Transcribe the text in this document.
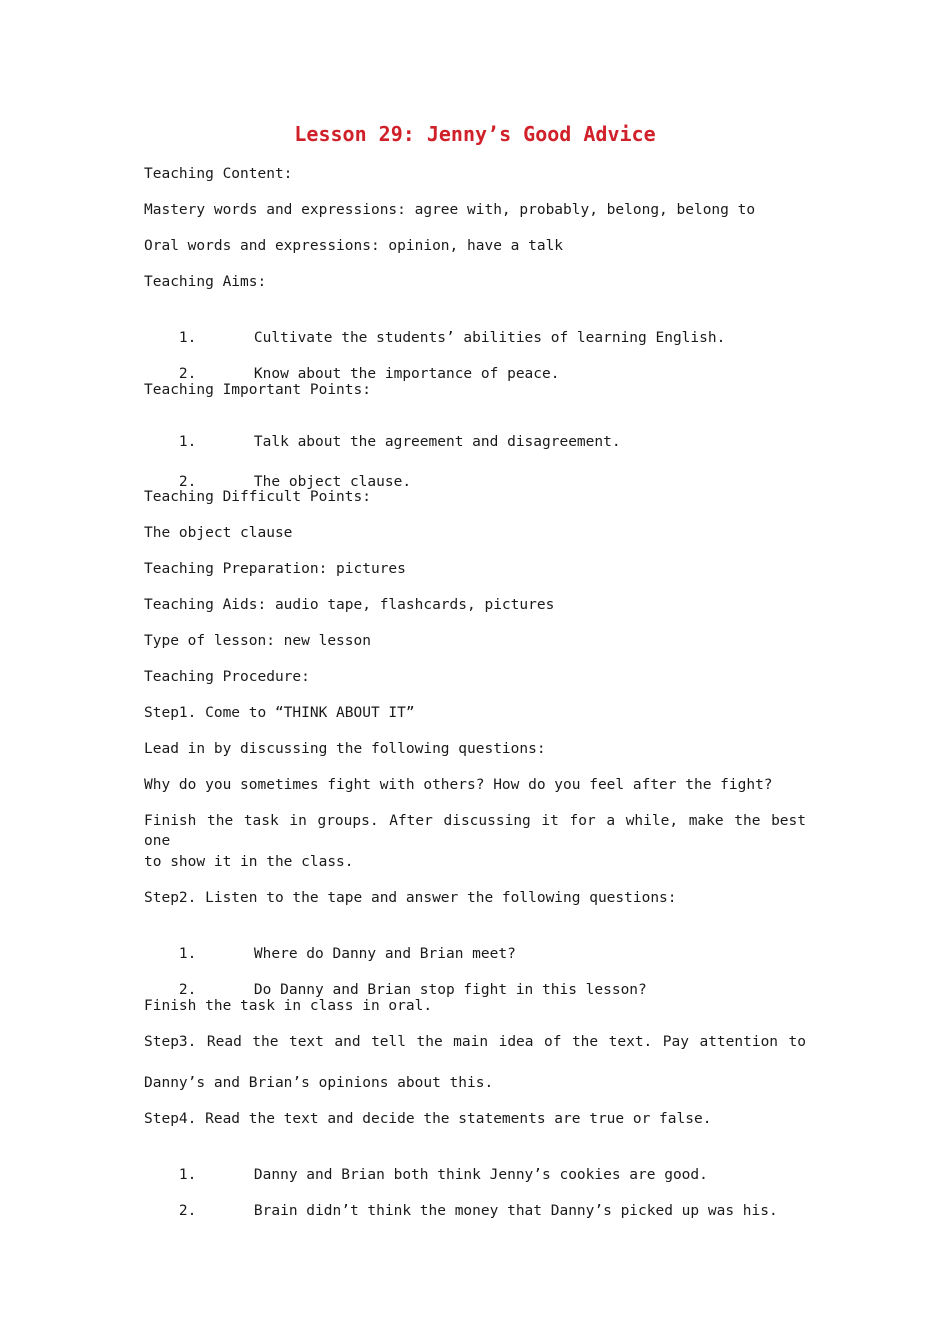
Lesson 29: Jenny’s Good Advice
Teaching Content:
Mastery words and expressions: agree with, probably, belong, belong to
Oral words and expressions: opinion, have a talk
Teaching Aims:

1.	Cultivate the students’ abilities of learning English.

2.	Know about the importance of peace.

Teaching Important Points:

1.	Talk about the agreement and disagreement.

2.	The object clause.

Teaching Difficult Points:
The object clause
Teaching Preparation: pictures
Teaching Aids: audio tape, flashcards, pictures
Type of lesson: new lesson
Teaching Procedure:
Step1. Come to “THINK ABOUT IT”
Lead in by discussing the following questions:
Why do you sometimes fight with others? How do you feel after the fight?
Finish the task in groups. After discussing it for a while, make the best one
to show it in the class.
Step2. Listen to the tape and answer the following questions:

1.	Where do Danny and Brian meet?

2.	Do Danny and Brian stop fight in this lesson?

Finish the task in class in oral.
Step3. Read the text and tell the main idea of the text. Pay attention to
Danny’s and Brian’s opinions about this.
Step4. Read the text and decide the statements are true or false.

1.	Danny and Brian both think Jenny’s cookies are good.

2.	Brain didn’t think the money that Danny’s picked up was his.
